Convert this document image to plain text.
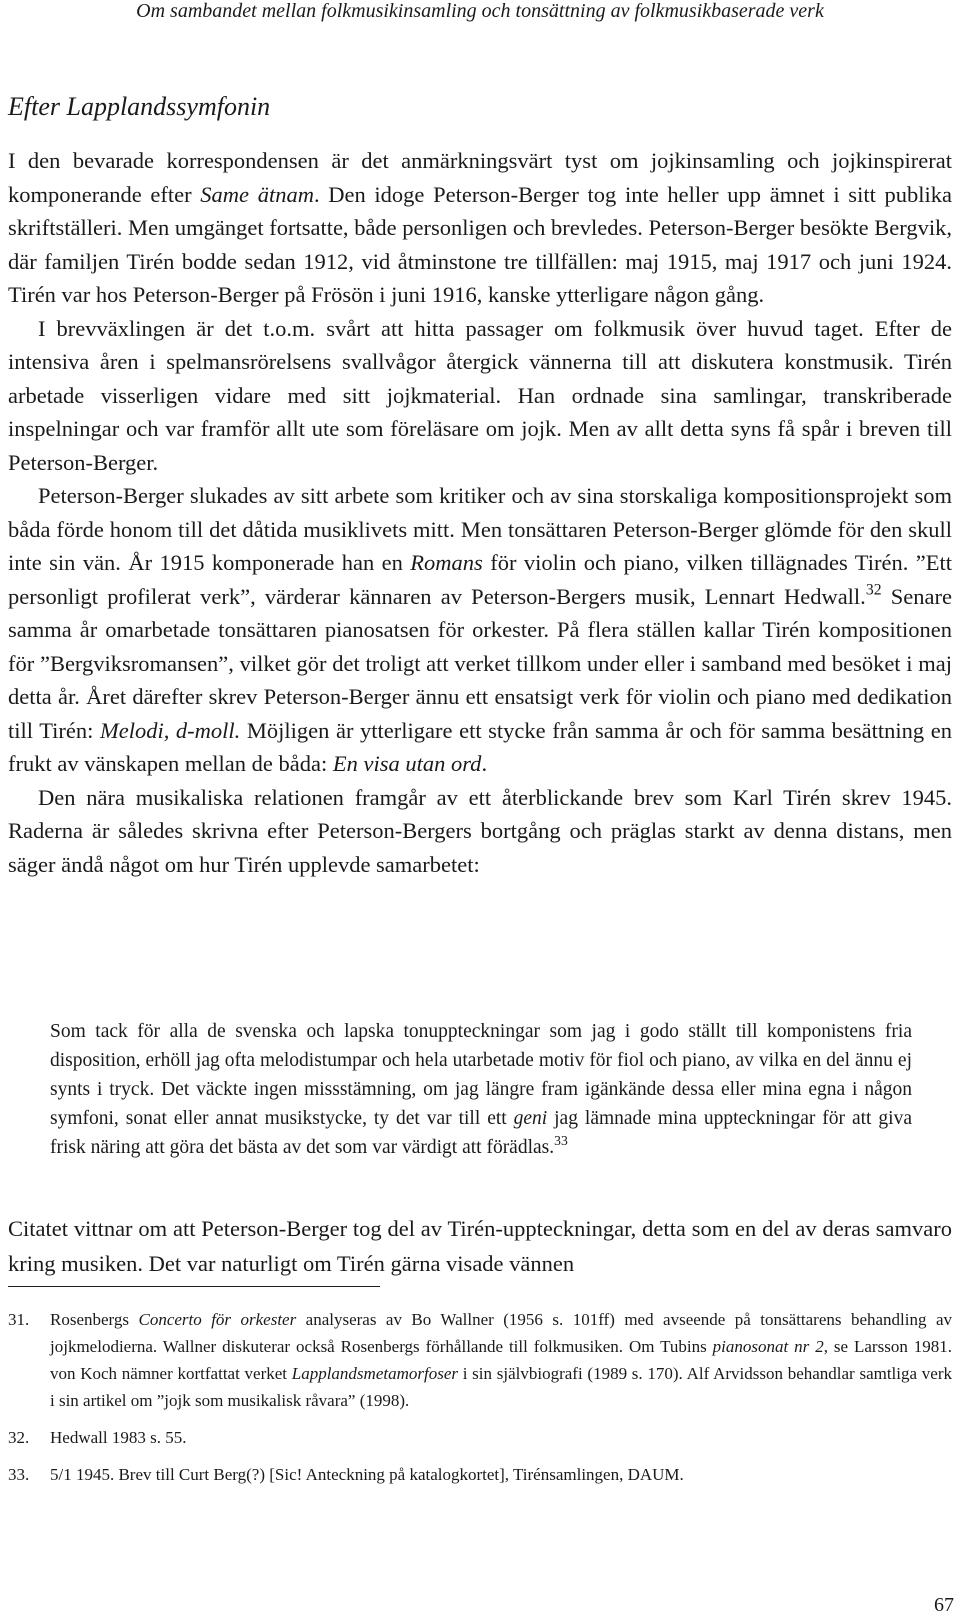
Om sambandet mellan folkmusikinsamling och tonsättning av folkmusikbaserade verk
Efter Lapplandssymfonin

I den bevarade korrespondensen är det anmärkningsvärt tyst om jojkinsamling och jojkinspirerat komponerande efter Same ätnam. Den idoge Peterson-Berger tog inte heller upp ämnet i sitt publika skriftställeri. Men umgänget fortsatte, både personligen och brevledes. Peterson-Berger besökte Bergvik, där familjen Tirén bodde sedan 1912, vid åtminstone tre tillfällen: maj 1915, maj 1917 och juni 1924. Tirén var hos Peterson-Berger på Frösön i juni 1916, kanske ytterligare någon gång.

I brevväxlingen är det t.o.m. svårt att hitta passager om folkmusik över huvud taget. Efter de intensiva åren i spelmansrörelsens svallvågor återgick vännerna till att diskutera konstmusik. Tirén arbetade visserligen vidare med sitt jojkmaterial. Han ordnade sina samlingar, transkriberade inspelningar och var framför allt ute som föreläsare om jojk. Men av allt detta syns få spår i breven till Peterson-Berger.

Peterson-Berger slukades av sitt arbete som kritiker och av sina storskaliga kompositionsprojekt som båda förde honom till det dåtida musiklivets mitt. Men tonsättaren Peterson-Berger glömde för den skull inte sin vän. År 1915 komponerade han en Romans för violin och piano, vilken tillägnades Tirén. ”Ett personligt profilerat verk”, värderar kännaren av Peterson-Bergers musik, Lennart Hedwall.$^{32}$ Senare samma år omarbetade tonsättaren pianosatsen för orkester. På flera ställen kallar Tirén kompositionen för ”Bergviksromansen”, vilket gör det troligt att verket tillkom under eller i samband med besöket i maj detta år. Året därefter skrev Peterson-Berger ännu ett ensatsigt verk för violin och piano med dedikation till Tirén: Melodi, d-moll. Möjligen är ytterligare ett stycke från samma år och för samma besättning en frukt av vänskapen mellan de båda: En visa utan ord.

Den nära musikaliska relationen framgår av ett återblickande brev som Karl Tirén skrev 1945. Raderna är således skrivna efter Peterson-Bergers bortgång och präglas starkt av denna distans, men säger ändå något om hur Tirén upplevde samarbetet:

Som tack för alla de svenska och lapska tonuppteckningar som jag i godo ställt till komponistens fria disposition, erhöll jag ofta melodistumpar och hela utarbetade motiv för fiol och piano, av vilka en del ännu ej synts i tryck. Det väckte ingen missstämning, om jag längre fram igänkände dessa eller mina egna i någon symfoni, sonat eller annat musikstycke, ty det var till ett geni jag lämnade mina uppteckningar för att giva frisk näring att göra det bästa av det som var värdigt att förädlas.$^{33}$
Citatet vittnar om att Peterson-Berger tog del av Tirén-uppteckningar, detta som en del av deras samvaro kring musiken. Det var naturligt om Tirén gärna visade vännen
31.	Rosenbergs Concerto för orkester analyseras av Bo Wallner (1956 s. 101ff) med avseende på tonsättarens behandling av jojkmelodierna. Wallner diskuterar också Rosenbergs förhållande till folkmusiken. Om Tubins pianosonat nr 2, se Larsson 1981. von Koch nämner kortfattat verket Lapplandsmetamorfoser i sin självbiografi (1989 s. 170). Alf Arvidsson behandlar samtliga verk i sin artikel om ”jojk som musikalisk råvara” (1998).
32.	Hedwall 1983 s. 55.
33.	5/1 1945. Brev till Curt Berg(?) [Sic! Anteckning på katalogkortet], Tirénsamlingen, DAUM.
67
